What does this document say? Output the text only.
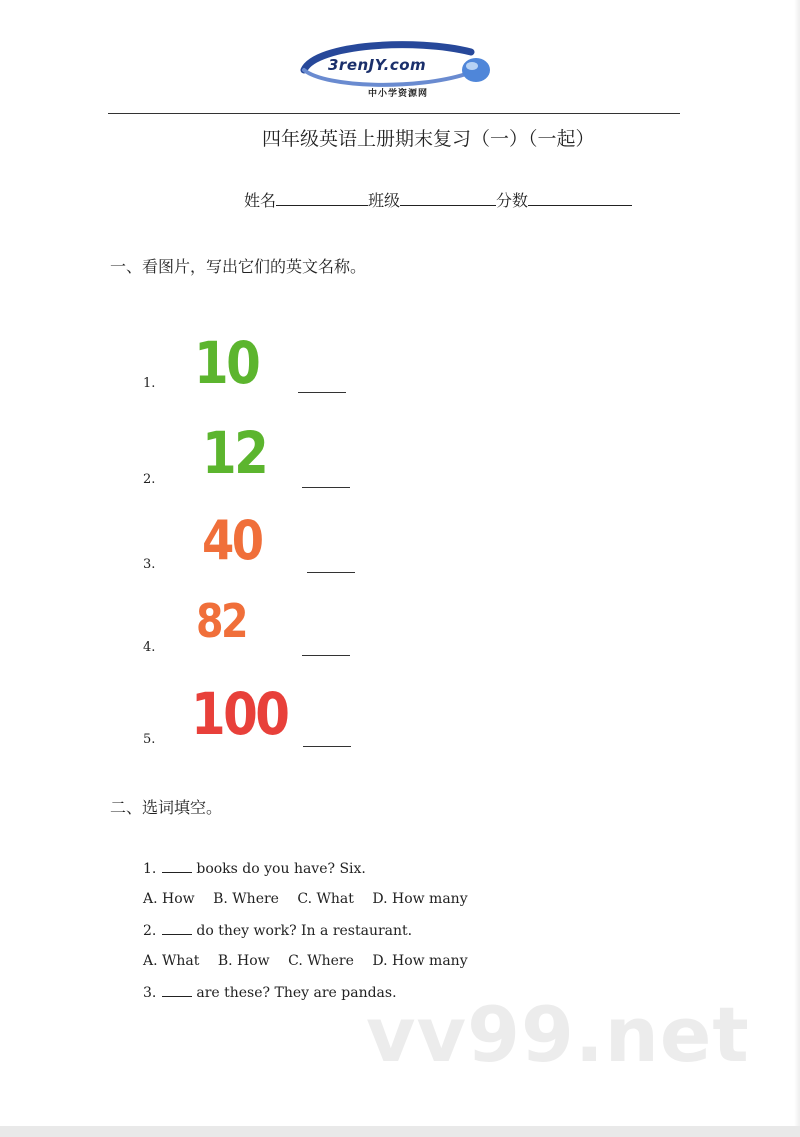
3renJY.com
中小学资源网
四年级英语上册期末复习（一）（一起）
姓名	班级	分数
一、看图片，写出它们的英文名称。
1. 10
2. 12
3. 40
4. 82
5. 100
二、选词填空。
1.	books do you have? Six.
A. How B. Where C. What D. How many
2.	do they work? In a restaurant.
A. What B. How C. Where D. How many
3.	are these? They are pandas.
vv99.net
